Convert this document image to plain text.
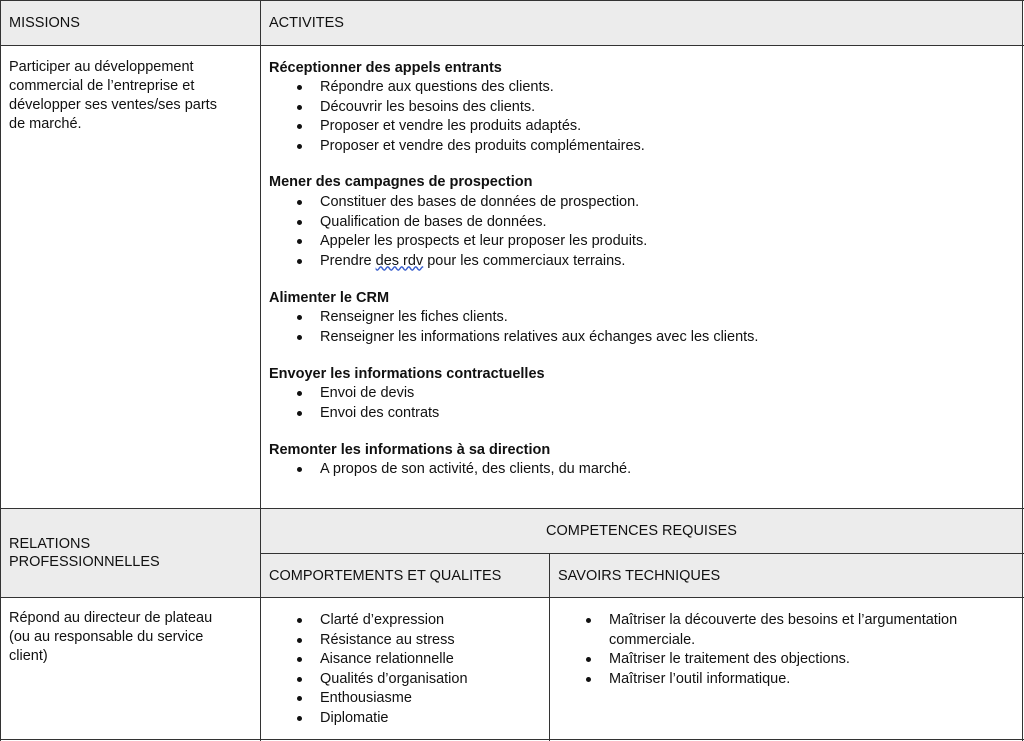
MISSIONS	ACTIVITES
Participer au développement
commercial de l’entreprise et
développer ses ventes/ses parts
de marché.
Réceptionner des appels entrants
Répondre aux questions des clients.
Découvrir les besoins des clients.
Proposer et vendre les produits adaptés.
Proposer et vendre des produits complémentaires.
Mener des campagnes de prospection
Constituer des bases de données de prospection.
Qualification de bases de données.
Appeler les prospects et leur proposer les produits.
Prendre des rdv pour les commerciaux terrains.
Alimenter le CRM
Renseigner les fiches clients.
Renseigner les informations relatives aux échanges avec les clients.
Envoyer les informations contractuelles
Envoi de devis
Envoi des contrats
Remonter les informations à sa direction
A propos de son activité, des clients, du marché.
RELATIONS
PROFESSIONNELLES
COMPETENCES REQUISES
COMPORTEMENTS ET QUALITES	SAVOIRS TECHNIQUES
Répond au directeur de plateau
(ou au responsable du service
client)
Clarté d’expression
Résistance au stress
Aisance relationnelle
Qualités d’organisation
Enthousiasme
Diplomatie
Maîtriser la découverte des besoins et l’argumentation commerciale.
Maîtriser le traitement des objections.
Maîtriser l’outil informatique.
